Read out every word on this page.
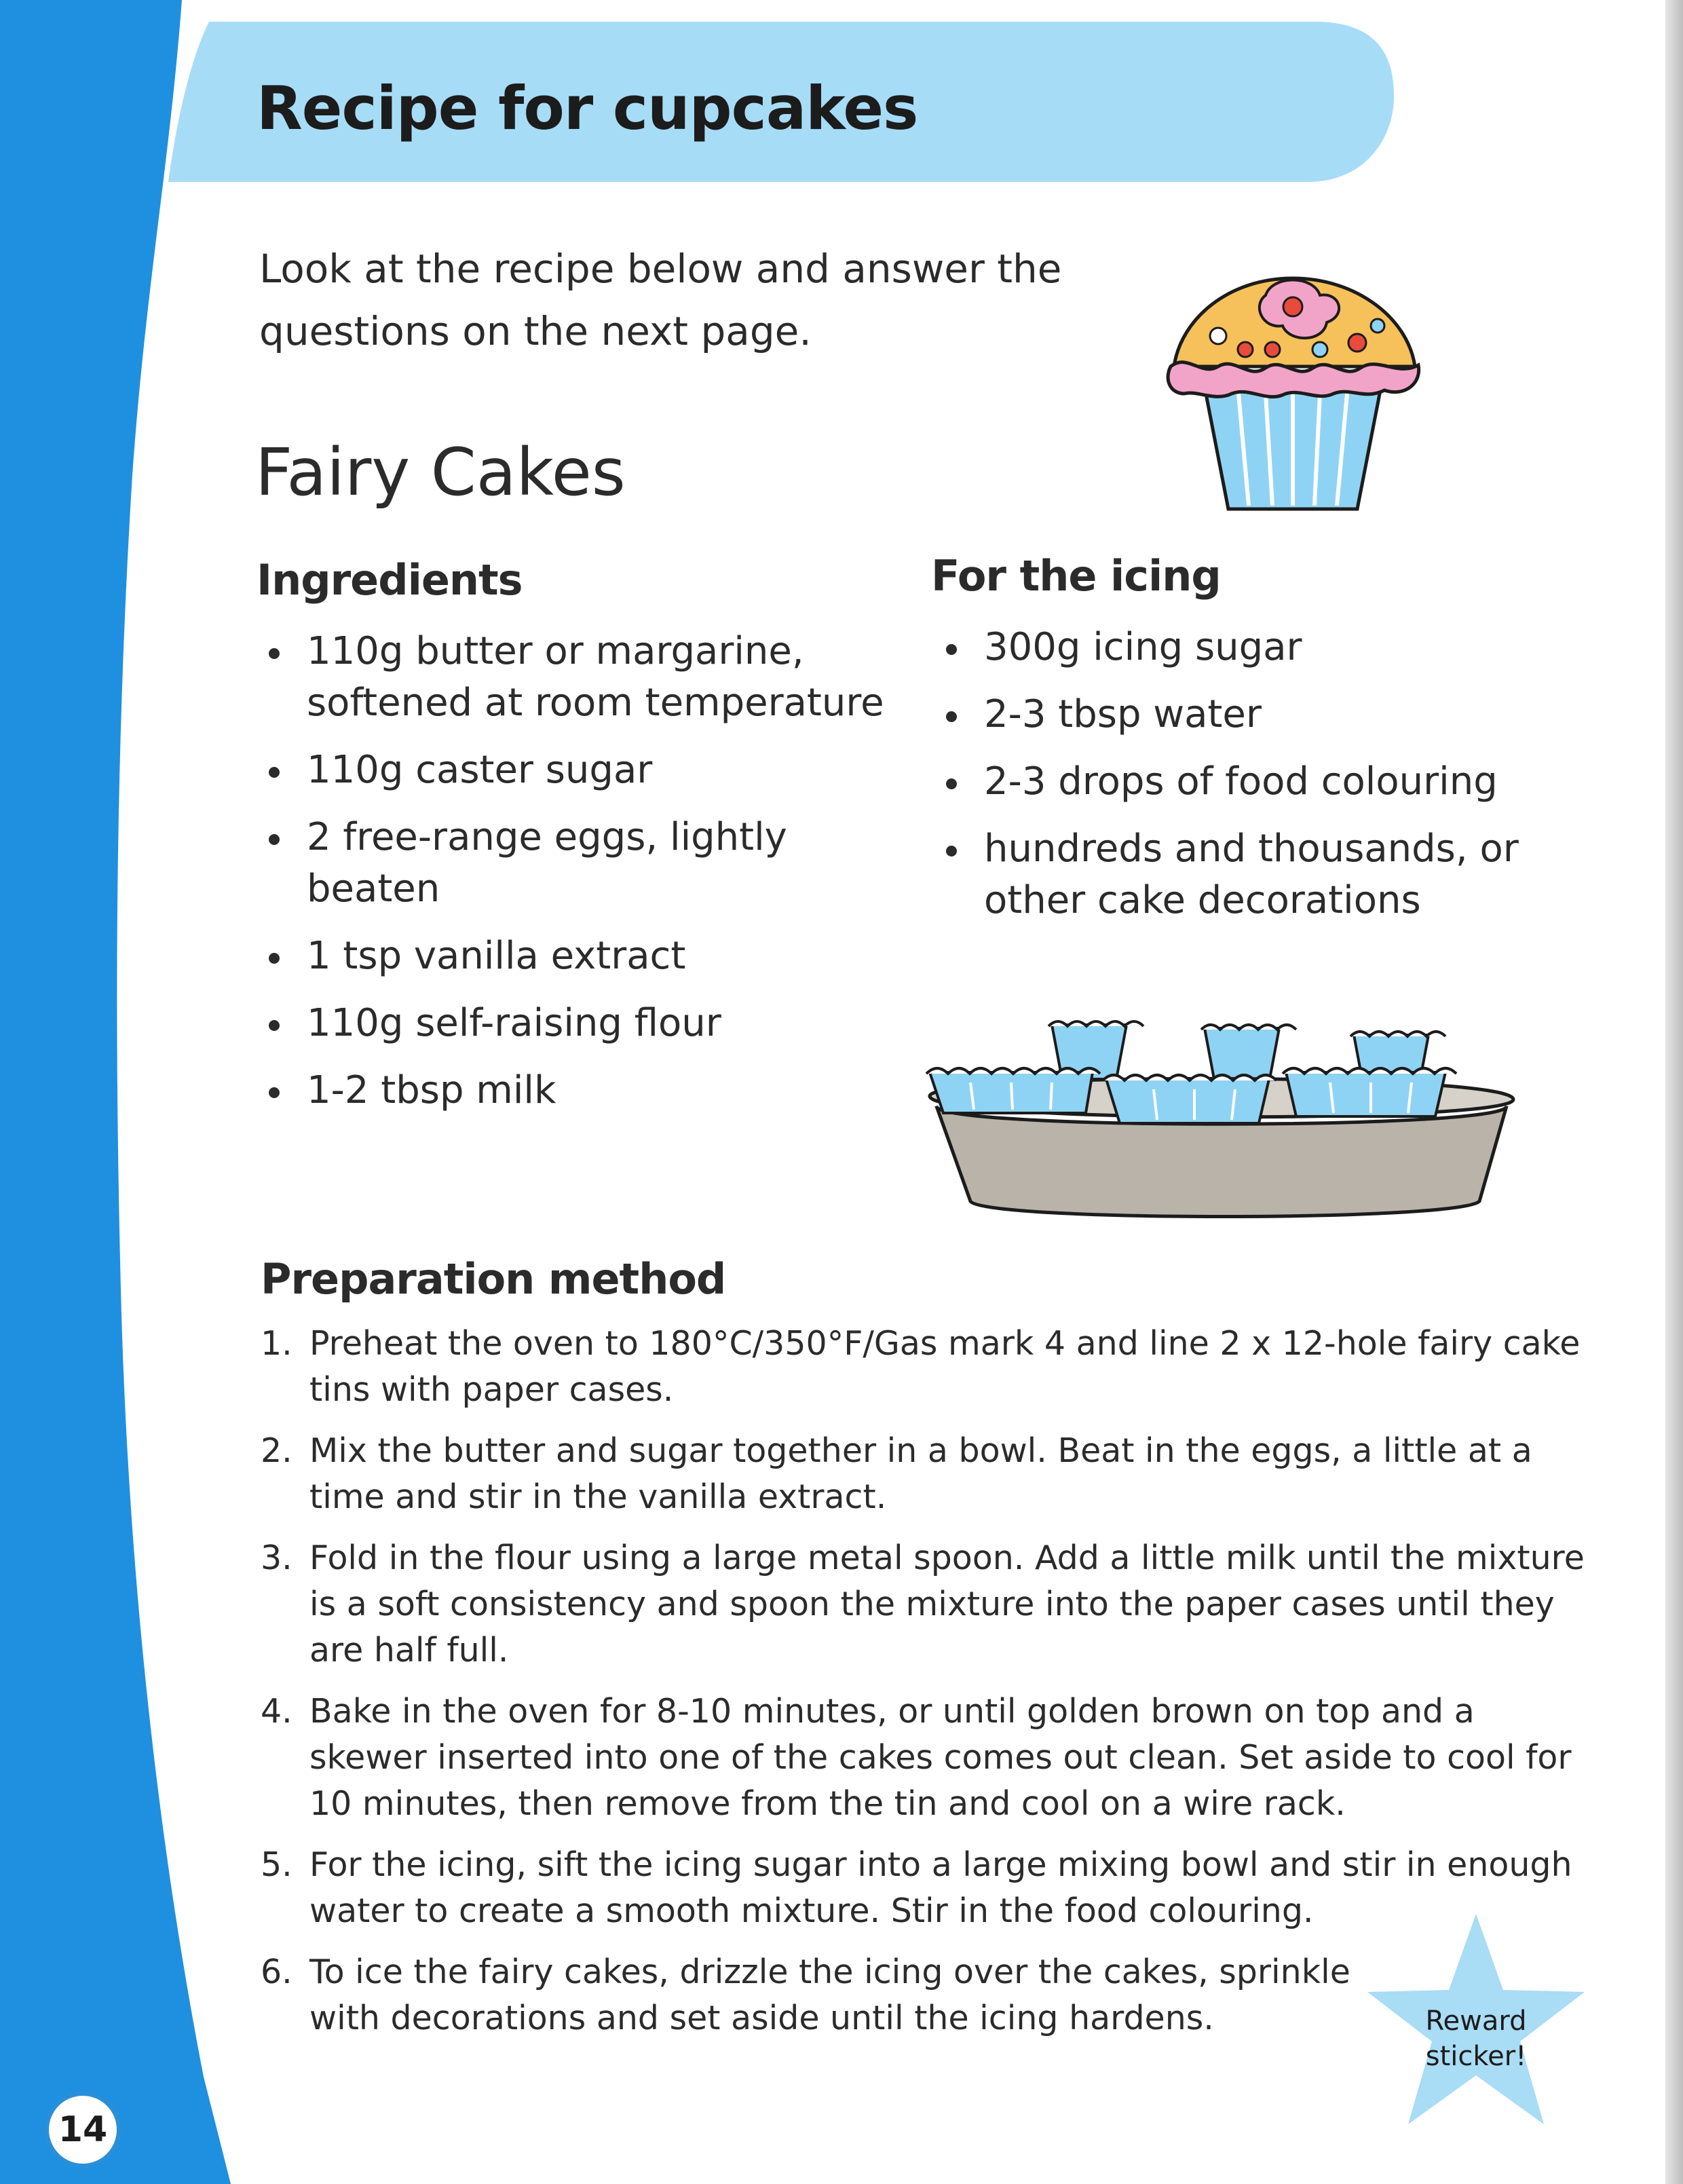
Recipe for cupcakes

Look at the recipe below and answer the questions on the next page.

Fairy Cakes
Ingredients
110g butter or margarine, softened at room temperature
110g caster sugar
2 free-range eggs, lightly beaten
1 tsp vanilla extract
110g self-raising flour
1-2 tbsp milk
For the icing
300g icing sugar
2-3 tbsp water
2-3 drops of food colouring
hundreds and thousands, or other cake decorations
Preparation method
1. Preheat the oven to 180°C/350°F/Gas mark 4 and line 2 x 12-hole fairy cake tins with paper cases.
2. Mix the butter and sugar together in a bowl. Beat in the eggs, a little at a time and stir in the vanilla extract.
3. Fold in the flour using a large metal spoon. Add a little milk until the mixture is a soft consistency and spoon the mixture into the paper cases until they are half full.
4. Bake in the oven for 8-10 minutes, or until golden brown on top and a skewer inserted into one of the cakes comes out clean. Set aside to cool for 10 minutes, then remove from the tin and cool on a wire rack.
5. For the icing, sift the icing sugar into a large mixing bowl and stir in enough water to create a smooth mixture. Stir in the food colouring.
6. To ice the fairy cakes, drizzle the icing over the cakes, sprinkle with decorations and set aside until the icing hardens.	Reward
sticker!

14
